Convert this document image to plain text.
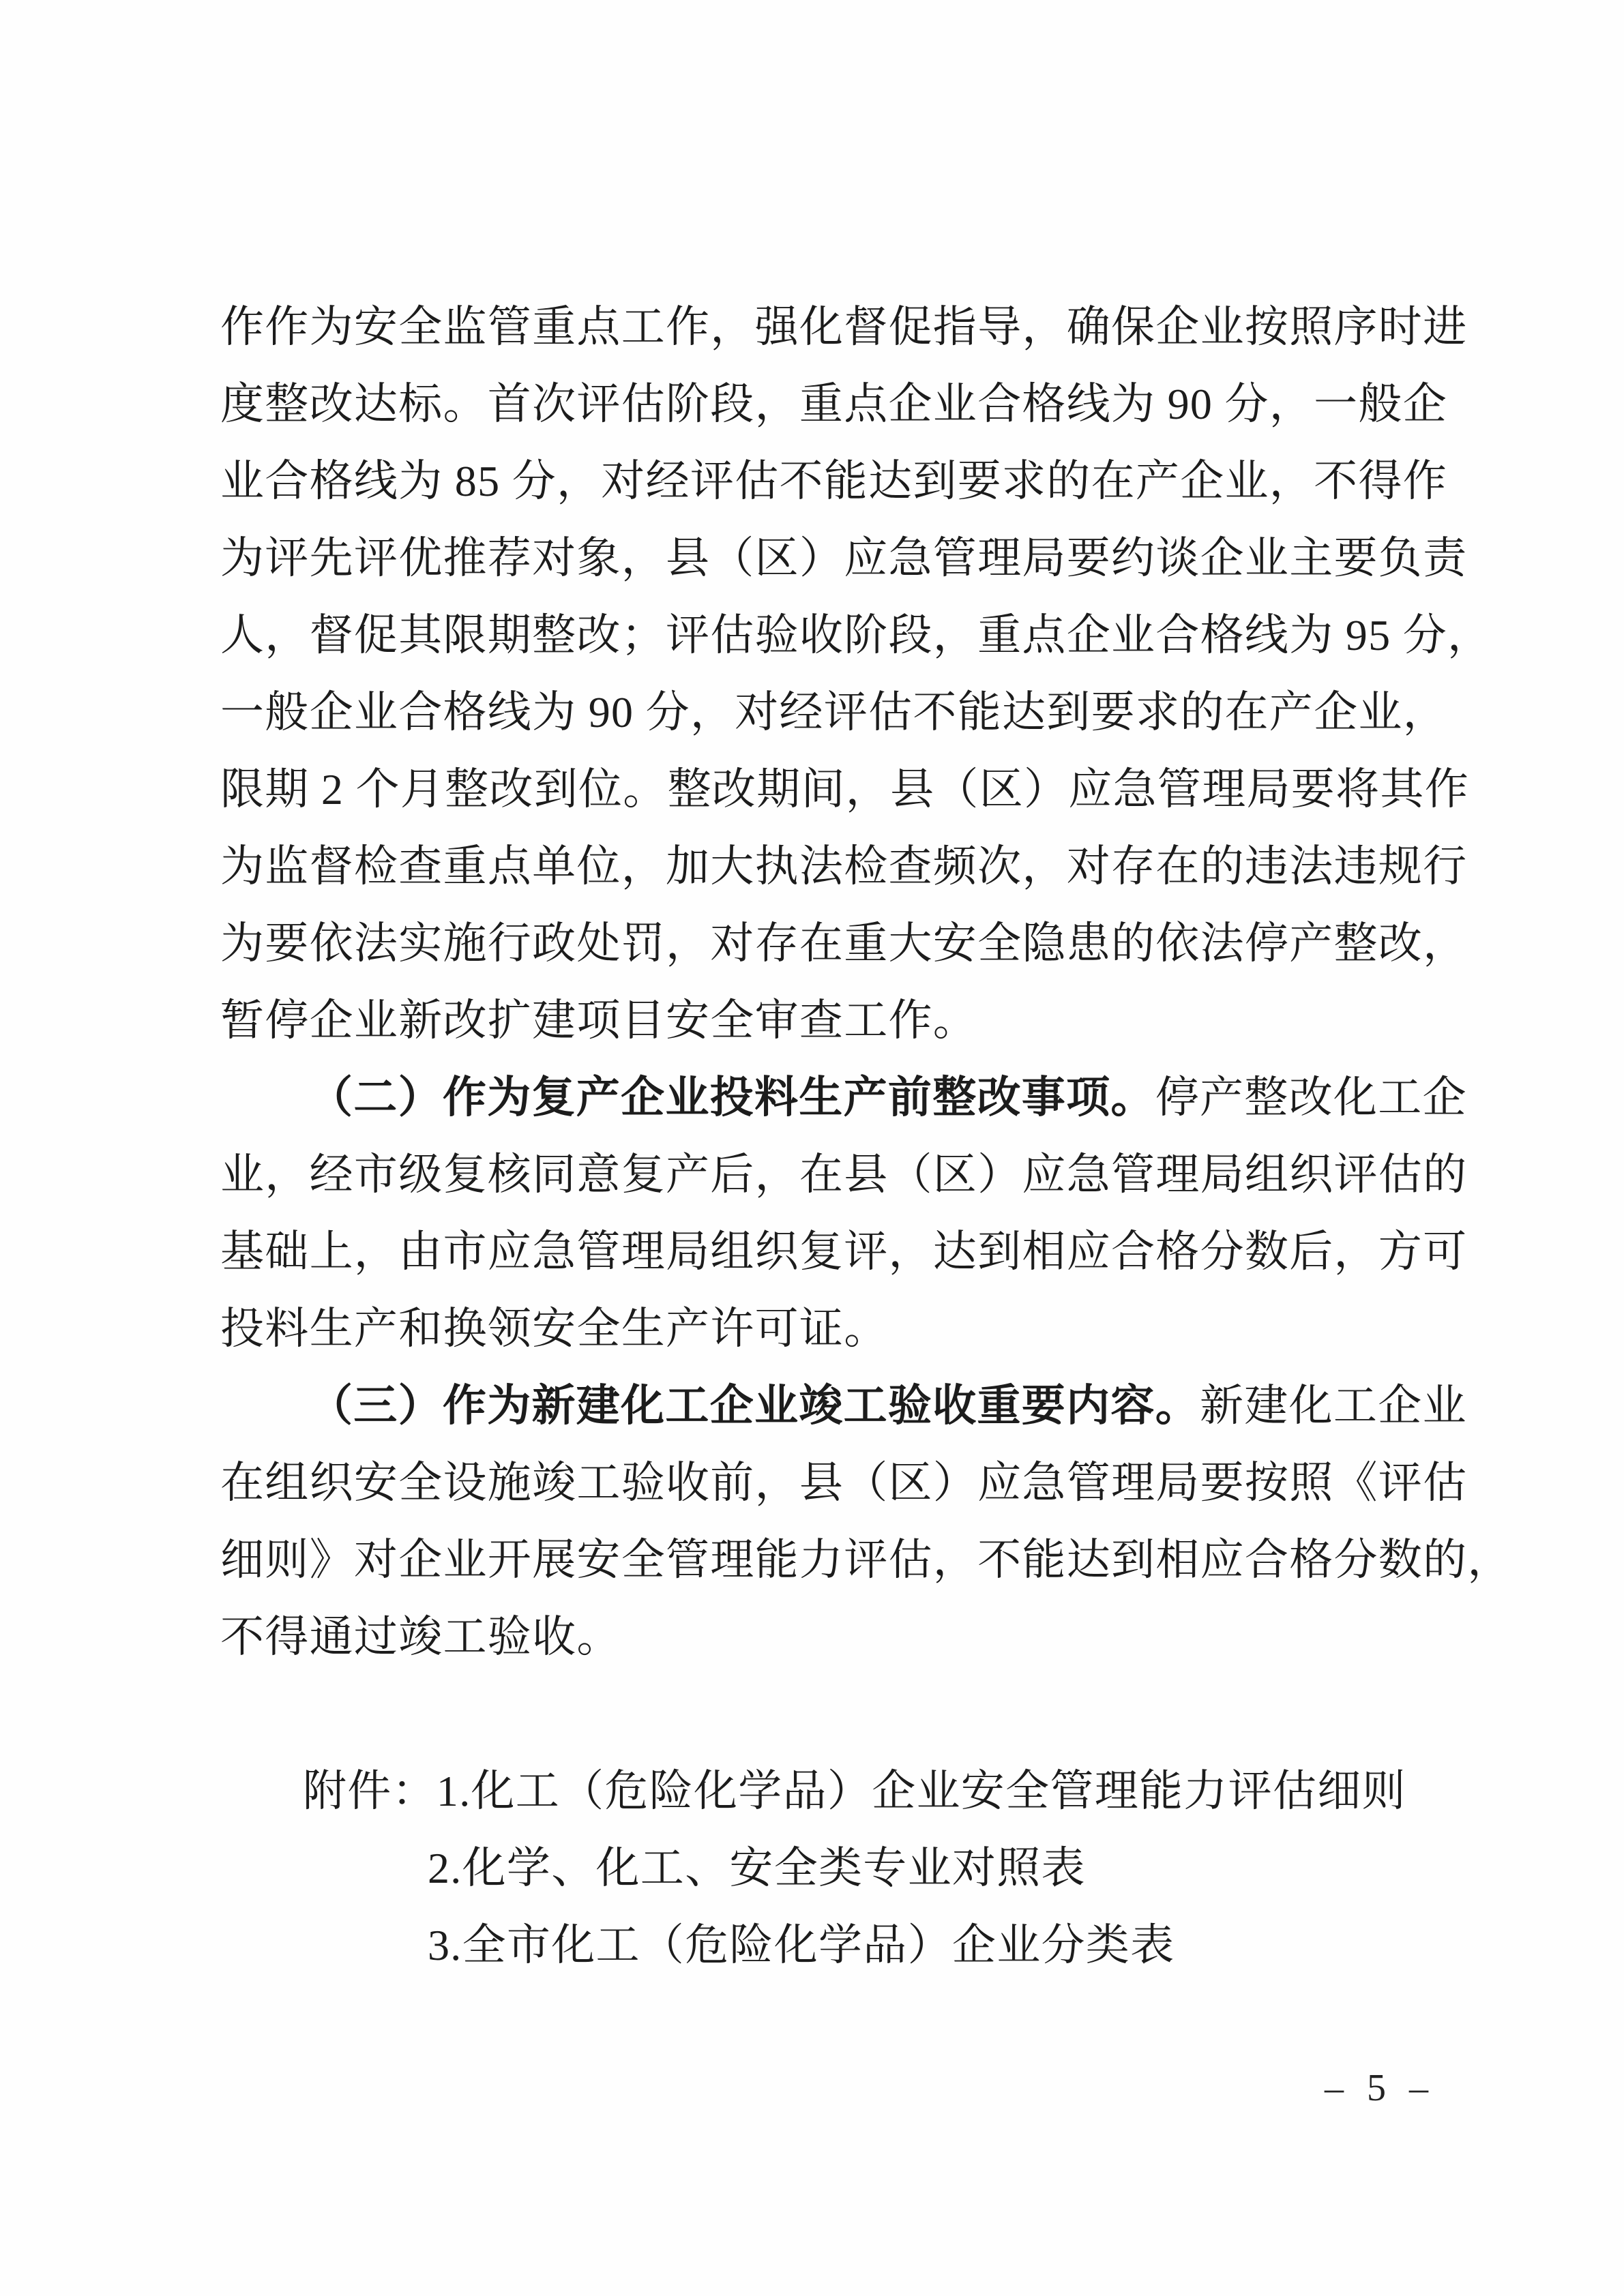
作作为安全监管重点工作，强化督促指导，确保企业按照序时进
度整改达标。首次评估阶段，重点企业合格线为 90 分，一般企
业合格线为 85 分，对经评估不能达到要求的在产企业，不得作
为评先评优推荐对象，县（区）应急管理局要约谈企业主要负责
人，督促其限期整改；评估验收阶段，重点企业合格线为 95 分，
一般企业合格线为 90 分，对经评估不能达到要求的在产企业，
限期 2 个月整改到位。整改期间，县（区）应急管理局要将其作
为监督检查重点单位，加大执法检查频次，对存在的违法违规行
为要依法实施行政处罚，对存在重大安全隐患的依法停产整改，
暂停企业新改扩建项目安全审查工作。
（二）作为复产企业投料生产前整改事项。停产整改化工企
业，经市级复核同意复产后，在县（区）应急管理局组织评估的
基础上，由市应急管理局组织复评，达到相应合格分数后，方可
投料生产和换领安全生产许可证。
（三）作为新建化工企业竣工验收重要内容。新建化工企业
在组织安全设施竣工验收前，县（区）应急管理局要按照《评估
细则》对企业开展安全管理能力评估，不能达到相应合格分数的，
不得通过竣工验收。
附件：1.化工（危险化学品）企业安全管理能力评估细则
2.化学、化工、安全类专业对照表
3.全市化工（危险化学品）企业分类表
– 5 –
